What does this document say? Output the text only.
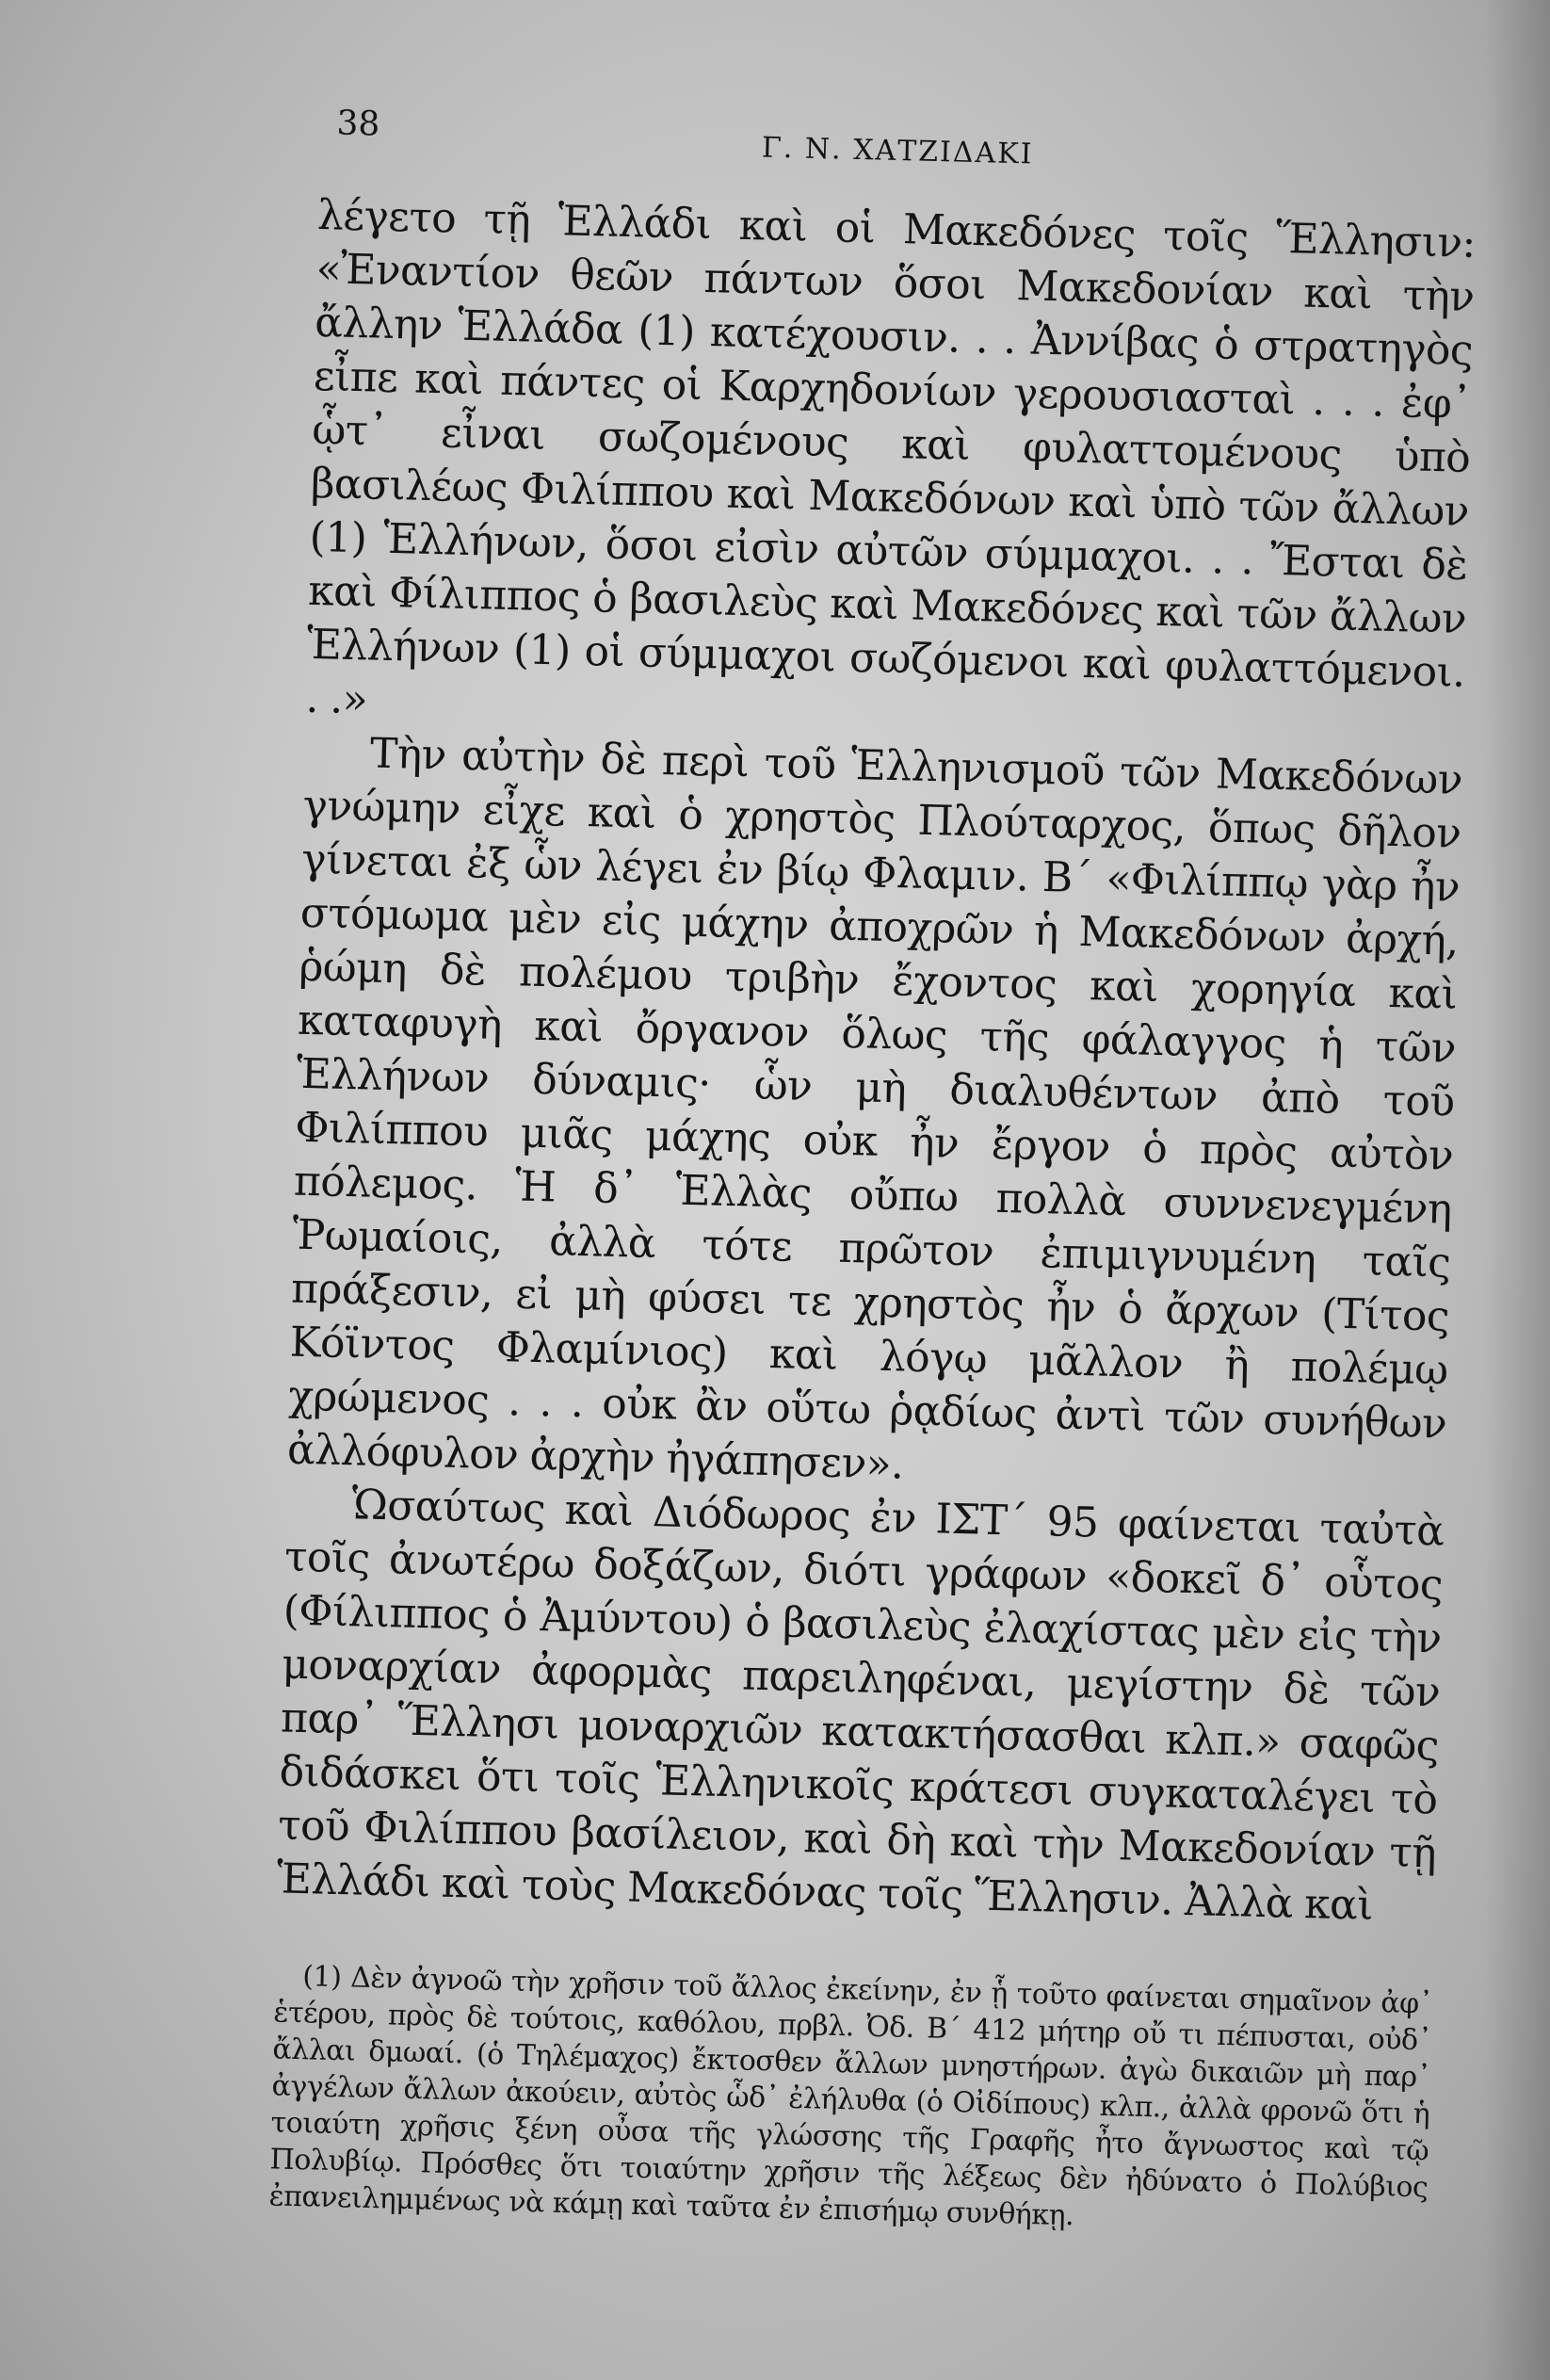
38
Γ. Ν. ΧΑΤΖΙΔΑΚΙ

λέγετο τῇ Ἑλλάδι καὶ οἱ Μακεδόνες τοῖς Ἕλλησιν: «Ἐναντίον θεῶν πάντων ὅσοι Μακεδονίαν καὶ τὴν ἄλλην Ἑλλάδα (1) κατέχουσιν. . . Ἀννίβας ὁ στρατηγὸς εἶπε καὶ πάντες οἱ Καρχηδονίων γερουσιασταὶ . . . ἐφ᾽ ᾧτ᾽ εἶναι σωζομένους καὶ φυλαττομένους ὑπὸ βασιλέως Φιλίππου καὶ Μακεδόνων καὶ ὑπὸ τῶν ἄλλων (1) Ἑλλήνων, ὅσοι εἰσὶν αὐτῶν σύμμαχοι. . . Ἔσται δὲ καὶ Φίλιππος ὁ βασιλεὺς καὶ Μακεδόνες καὶ τῶν ἄλλων Ἑλλήνων (1) οἱ σύμμαχοι σωζόμενοι καὶ φυλαττόμενοι. . .»

Τὴν αὐτὴν δὲ περὶ τοῦ Ἑλληνισμοῦ τῶν Μακεδόνων γνώμην εἶχε καὶ ὁ χρηστὸς Πλούταρχος, ὅπως δῆλον γίνεται ἐξ ὧν λέγει ἐν βίῳ Φλαμιν. Β΄ «Φιλίππῳ γὰρ ἦν στόμωμα μὲν εἰς μάχην ἀποχρῶν ἡ Μακεδόνων ἀρχή, ῥώμη δὲ πολέμου τριβὴν ἔχοντος καὶ χορηγία καὶ καταφυγὴ καὶ ὄργανον ὅλως τῆς φάλαγγος ἡ τῶν Ἑλλήνων δύναμις· ὧν μὴ διαλυθέντων ἀπὸ τοῦ Φιλίππου μιᾶς μάχης οὐκ ἦν ἔργον ὁ πρὸς αὐτὸν πόλεμος. Ἡ δ᾽ Ἑλλὰς οὔπω πολλὰ συννενεγμένη Ῥωμαίοις, ἀλλὰ τότε πρῶτον ἐπιμιγνυμένη ταῖς πράξεσιν, εἰ μὴ φύσει τε χρηστὸς ἦν ὁ ἄρχων (Τίτος Κόϊντος Φλαμίνιος) καὶ λόγῳ μᾶλλον ἢ πολέμῳ χρώμενος . . . οὐκ ἂν οὕτω ῥᾳδίως ἀντὶ τῶν συνήθων ἀλλόφυλον ἀρχὴν ἠγάπησεν».

Ὡσαύτως καὶ Διόδωρος ἐν ΙΣΤ΄ 95 φαίνεται ταὐτὰ τοῖς ἀνωτέρω δοξάζων, διότι γράφων «δοκεῖ δ᾽ οὗτος (Φίλιππος ὁ Ἀμύντου) ὁ βασιλεὺς ἐλαχίστας μὲν εἰς τὴν μοναρχίαν ἀφορμὰς παρειληφέναι, μεγίστην δὲ τῶν παρ᾽ Ἕλλησι μοναρχιῶν κατακτήσασθαι κλπ.» σαφῶς διδάσκει ὅτι τοῖς Ἑλληνικοῖς κράτεσι συγκαταλέγει τὸ τοῦ Φιλίππου βασίλειον, καὶ δὴ καὶ τὴν Μακεδονίαν τῇ Ἑλλάδι καὶ τοὺς Μακεδόνας τοῖς Ἕλλησιν. Ἀλλὰ καὶ

(1) Δὲν ἀγνοῶ τὴν χρῆσιν τοῦ ἄλλος ἐκείνην, ἐν ᾗ τοῦτο φαίνεται σημαῖνον ἀφ᾽ ἑτέρου, πρὸς δὲ τούτοις, καθόλου, πρβλ. Ὀδ. Β΄ 412 μήτηρ οὔ τι πέπυσται, οὐδ᾽ ἄλλαι δμωαί. (ὁ Τηλέμαχος) ἔκτοσθεν ἄλλων μνηστήρων. ἀγὼ δικαιῶν μὴ παρ᾽ ἀγγέλων ἄλλων ἀκούειν, αὐτὸς ὧδ᾽ ἐλήλυθα (ὁ Οἰδίπους) κλπ., ἀλλὰ φρονῶ ὅτι ἡ τοιαύτη χρῆσις ξένη οὖσα τῆς γλώσσης τῆς Γραφῆς ἦτο ἄγνωστος καὶ τῷ Πολυβίῳ. Πρόσθες ὅτι τοιαύτην χρῆσιν τῆς λέξεως δὲν ἠδύνατο ὁ Πολύβιος ἐπανειλημμένως νὰ κάμῃ καὶ ταῦτα ἐν ἐπισήμῳ συνθήκῃ.
